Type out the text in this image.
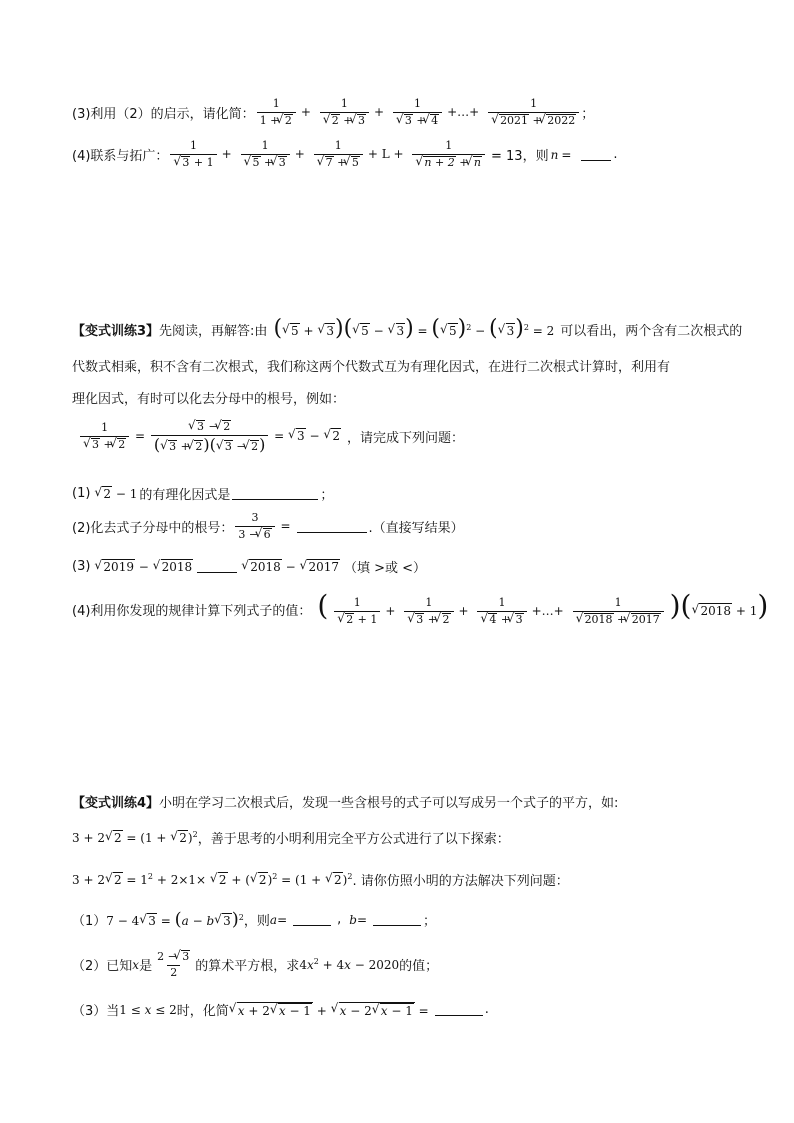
(3)利用（2）的启示，请化简： $\frac{1}{1 + √ 2} + 1$
√ 2 + √ 3 + 1
√ 3 + √ 4 +…+ 1
√ 2021 + √ 2022 ；
(4)联系与拓广： 1
√ 3 + 1 + 1
√ 5 + √ 3 + 1
√ 7 + √ 5 + L + 1
√ n + 2 + √ n = 13，则 n =	.
【变式训练3】 先阅读，再解答:由 ( √ 5 + √ 3)( √ 5 − √ 3) = ( √ 5)$^2$ − ( √ 3)$^2$ = 2 可以看出，两个含有二次根式的
代数式相乘，积不含有二次根式，我们称这两个代数式互为有理化因式，在进行二次根式计算时，利用有
理化因式，有时可以化去分母中的根号，例如：
1
√ 3 + √ 2 = √ $\frac{3 - √ 2}{( √ 3 + √ 2)( √ 3 - √ 2)}$ = √ 3 − √ 2 ，请完成下列问题：
(1)	√ 2 − 1 的有理化因式是	；
(2)化去式子分母中的根号： $\frac{3}{3 - √ 6}$ =	.（直接写结果）
(3)	√ 2019 − √ 2018	√ 2018 − √ 2017 （填 >或 <）
(4)利用你发现的规律计算下列式子的值： ( 1
√ 2 + 1 + 1
√ 3 + √ 2 + 1
√ 4 + √ 3 +…+ 1
√ 2018 + √ 2017 )( √ 2018 + 1)
【变式训练4】 小明在学习二次根式后，发现一些含根号的式子可以写成另一个式子的平方，如:
3 + 2 √ 2 = (1 + √ 2)$^2$ ，善于思考的小明利用完全平方公式进行了以下探索：
3 + 2 √ $2 = 1^2 + 2\times 1\times$ √ 2 + ( √ 2)$^2$ = (1 + √ 2)$^2$ . 请你仿照小明的方法解决下列问题：
（1） 7 − 4 √ 3 = (a − b √ 3)$^2$ ，则 a =	, b =	；
（2）已知 x 是 $\frac{2 - √ 3}{2}$ 的算术平方根，求 $4x^2 + 4x - 2020$ 的值；
（3）当 1 ≤ x ≤ 2 时，化简 √ x + 2 √ x − 1 + √ x − 2 √ x − 1 =	.
